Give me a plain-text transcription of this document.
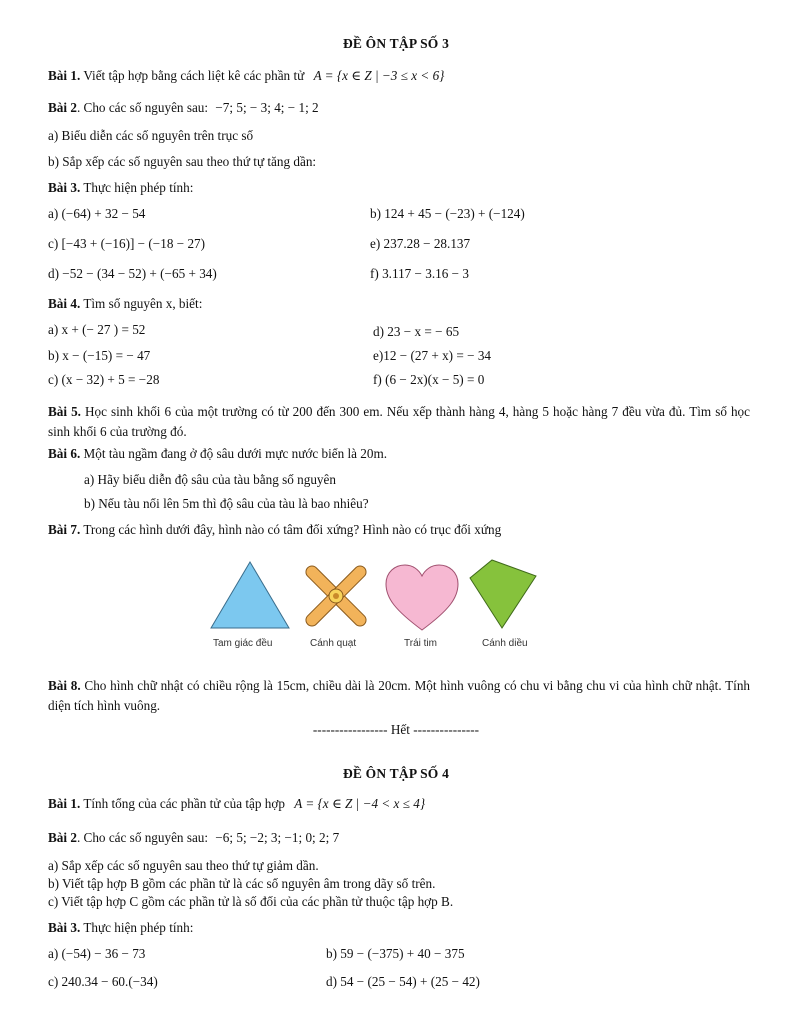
ĐỀ ÔN TẬP SỐ 3
Bài 1. Viết tập hợp bằng cách liệt kê các phần tử A = {x ∈ Z | −3 ≤ x < 6}
Bài 2. Cho các số nguyên sau: −7; 5; − 3; 4; − 1; 2
a) Biểu diễn các số nguyên trên trục số
b) Sắp xếp các số nguyên sau theo thứ tự tăng dần:
Bài 3. Thực hiện phép tính:
a) (−64) + 32 − 54	b) 124 + 45 − (−23) + (−124)
c) [−43 + (−16)] − (−18 − 27)	e) 237.28 − 28.137
d) −52 − (34 − 52) + (−65 + 34)	f) 3.117 − 3.16 − 3
Bài 4. Tìm số nguyên x, biết:
a) x + (− 27 ) = 52	d) 23 − x = − 65
b) x − (−15) = − 47	e)12 − (27 + x) = − 34
c) (x − 32) + 5 = −28	f) (6 − 2x)(x − 5) = 0
Bài 5. Học sinh khối 6 của một trường có từ 200 đến 300 em. Nếu xếp thành hàng 4, hàng 5 hoặc hàng 7 đều vừa đủ. Tìm số học sinh khối 6 của trường đó.
Bài 6. Một tàu ngầm đang ở độ sâu dưới mực nước biển là 20m.
a) Hãy biểu diễn độ sâu của tàu bằng số nguyên
b) Nếu tàu nổi lên 5m thì độ sâu của tàu là bao nhiêu?
Bài 7. Trong các hình dưới đây, hình nào có tâm đối xứng? Hình nào có trục đối xứng
Tam giác đều	Cánh quạt	Trái tim	Cánh diều
Bài 8. Cho hình chữ nhật có chiều rộng là 15cm, chiều dài là 20cm. Một hình vuông có chu vi bằng chu vi của hình chữ nhật. Tính diện tích hình vuông.
----------------- Hết ---------------
ĐỀ ÔN TẬP SỐ 4
Bài 1. Tính tổng của các phần tử của tập hợp A = {x ∈ Z | −4 < x ≤ 4}
Bài 2. Cho các số nguyên sau: −6; 5; −2; 3; −1; 0; 2; 7
a) Sắp xếp các số nguyên sau theo thứ tự giảm dần.
b) Viết tập hợp B gồm các phần tử là các số nguyên âm trong dãy số trên.
c) Viết tập hợp C gồm các phần tử là số đối của các phần tử thuộc tập hợp B.
Bài 3. Thực hiện phép tính:
a) (−54) − 36 − 73	b) 59 − (−375) + 40 − 375
c) 240.34 − 60.(−34)	d) 54 − (25 − 54) + (25 − 42)
